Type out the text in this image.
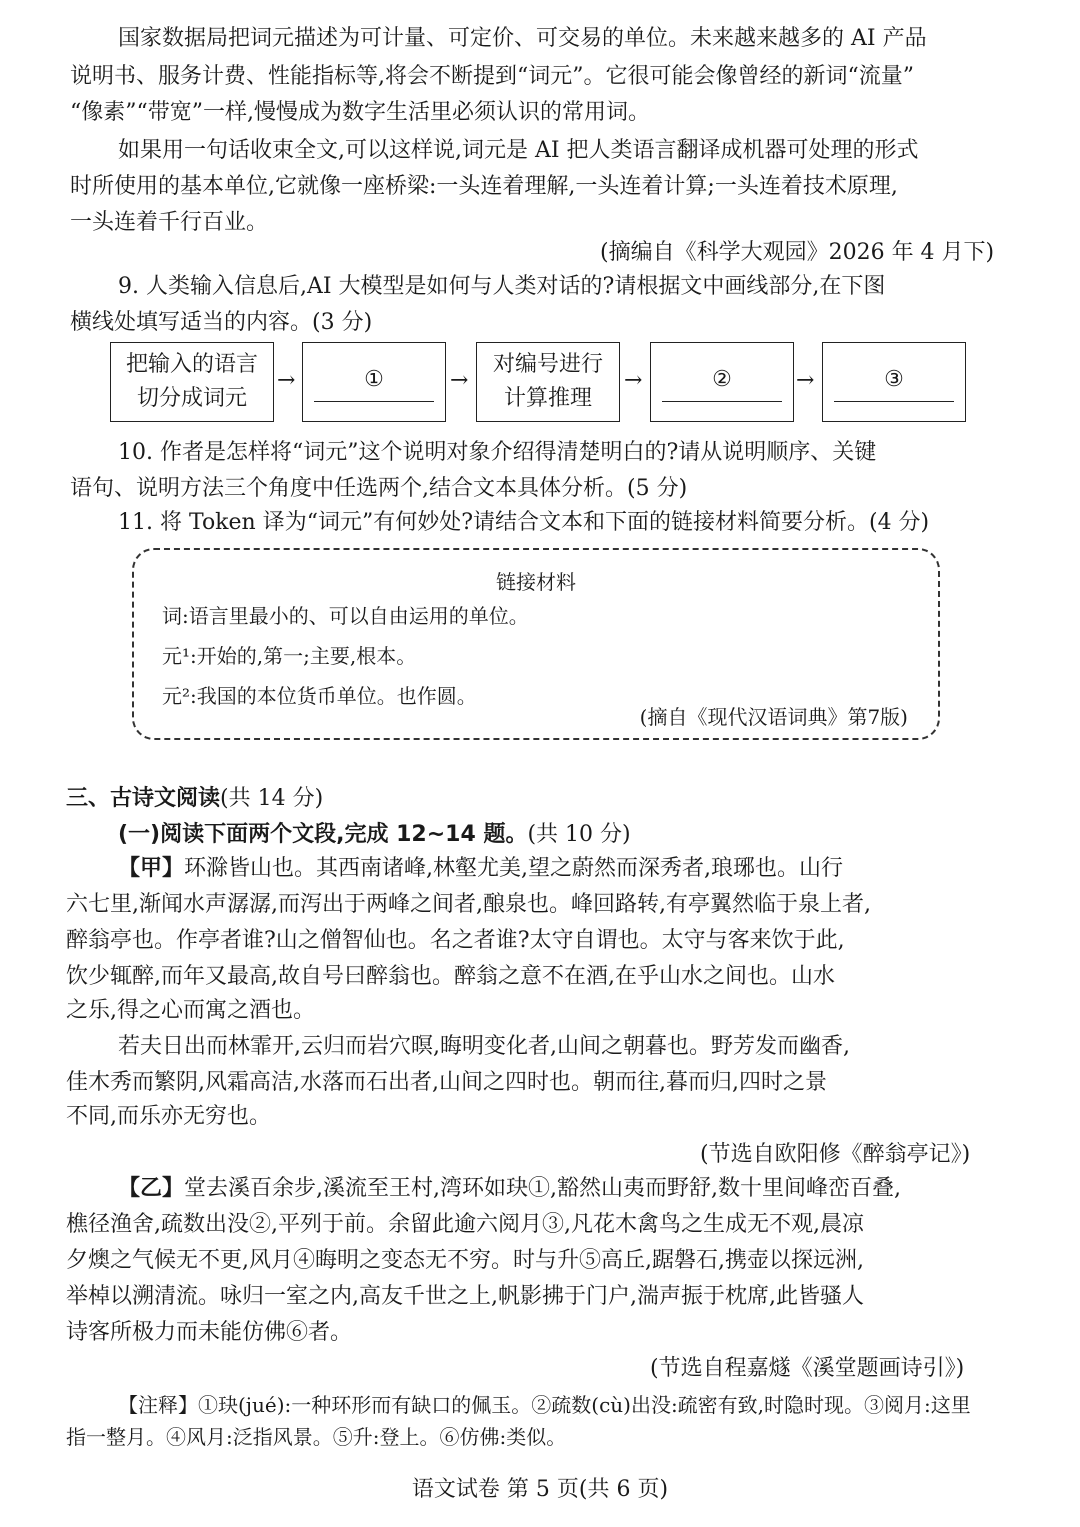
国家数据局把词元描述为可计量、可定价、可交易的单位。未来越来越多的 AI 产品
说明书、服务计费、性能指标等,将会不断提到“词元”。它很可能会像曾经的新词“流量”
“像素”“带宽”一样,慢慢成为数字生活里必须认识的常用词。
如果用一句话收束全文,可以这样说,词元是 AI 把人类语言翻译成机器可处理的形式
时所使用的基本单位,它就像一座桥梁:一头连着理解,一头连着计算;一头连着技术原理,
一头连着千行百业。
(摘编自《科学大观园》2026 年 4 月下)
9. 人类输入信息后,AI 大模型是如何与人类对话的?请根据文中画线部分,在下图
横线处填写适当的内容。(3 分)
把输入的语言
切分成词元
→	①	→
对编号进行
计算推理
→	②	→	③
10. 作者是怎样将“词元”这个说明对象介绍得清楚明白的?请从说明顺序、关键
语句、说明方法三个角度中任选两个,结合文本具体分析。(5 分)
11. 将 Token 译为“词元”有何妙处?请结合文本和下面的链接材料简要分析。(4 分)
链接材料
词:语言里最小的、可以自由运用的单位。
元¹:开始的,第一;主要,根本。
元²:我国的本位货币单位。也作圆。
(摘自《现代汉语词典》第7版)
三、古诗文阅读(共 14 分)
(一)阅读下面两个文段,完成 12~14 题。(共 10 分)
【甲】环滁皆山也。其西南诸峰,林壑尤美,望之蔚然而深秀者,琅琊也。山行
六七里,渐闻水声潺潺,而泻出于两峰之间者,酿泉也。峰回路转,有亭翼然临于泉上者,
醉翁亭也。作亭者谁?山之僧智仙也。名之者谁?太守自谓也。太守与客来饮于此,
饮少辄醉,而年又最高,故自号曰醉翁也。醉翁之意不在酒,在乎山水之间也。山水
之乐,得之心而寓之酒也。
若夫日出而林霏开,云归而岩穴暝,晦明变化者,山间之朝暮也。野芳发而幽香,
佳木秀而繁阴,风霜高洁,水落而石出者,山间之四时也。朝而往,暮而归,四时之景
不同,而乐亦无穷也。
(节选自欧阳修《醉翁亭记》)
【乙】堂去溪百余步,溪流至王村,湾环如玦①,豁然山夷而野舒,数十里间峰峦百叠,
樵径渔舍,疏数出没②,平列于前。余留此逾六阅月③,凡花木禽鸟之生成无不观,晨凉
夕燠之气候无不更,风月④晦明之变态无不穷。时与升⑤高丘,踞磐石,携壶以探远洲,
举棹以溯清流。咏归一室之内,高友千世之上,帆影拂于门户,湍声振于枕席,此皆骚人
诗客所极力而未能仿佛⑥者。
(节选自程嘉燧《溪堂题画诗引》)
【注释】①玦(jué):一种环形而有缺口的佩玉。②疏数(cù)出没:疏密有致,时隐时现。③阅月:这里
指一整月。④风月:泛指风景。⑤升:登上。⑥仿佛:类似。
语文试卷 第 5 页(共 6 页)
